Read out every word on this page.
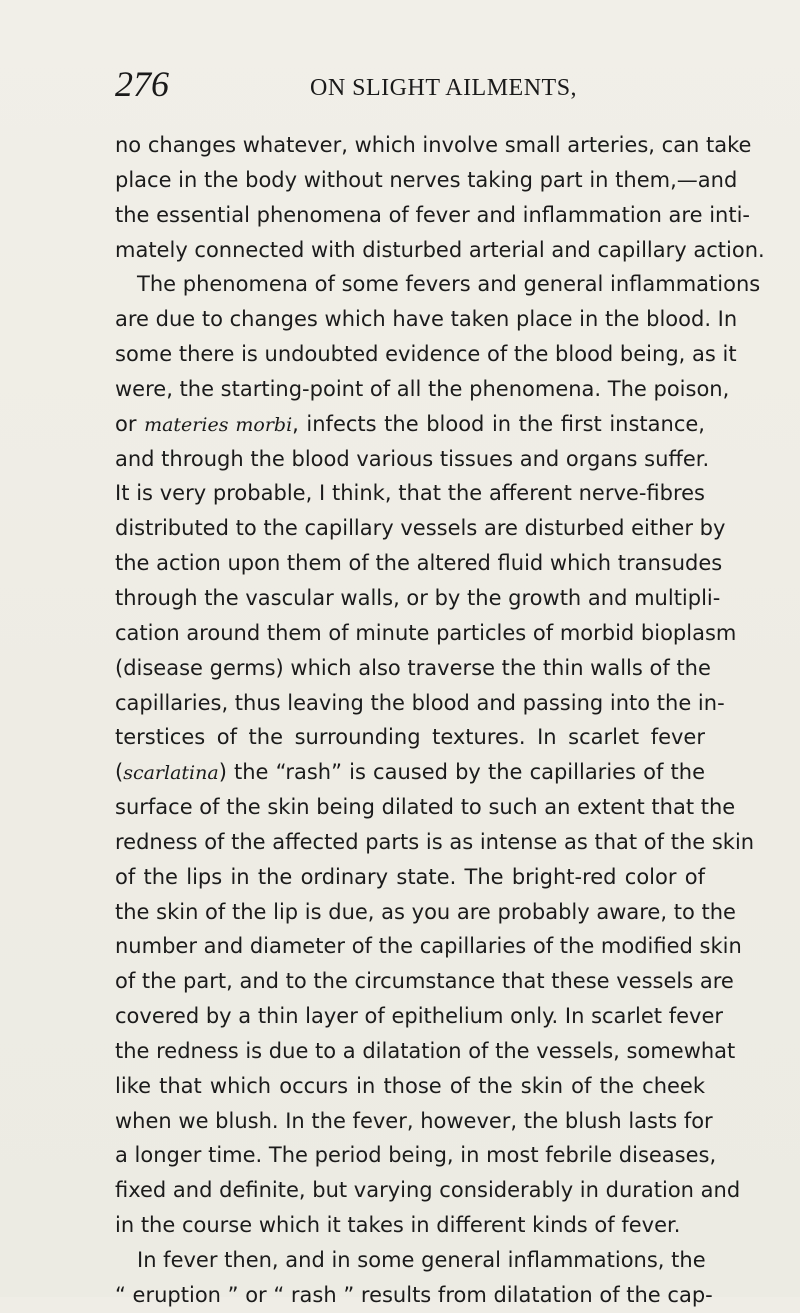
276	ON SLIGHT AILMENTS,
no changes whatever, which involve small arteries, can take
place in the body without nerves taking part in them,—and
the essential phenomena of fever and inflammation are inti-
mately connected with disturbed arterial and capillary action.
The phenomena of some fevers and general inflammations
are due to changes which have taken place in the blood. In
some there is undoubted evidence of the blood being, as it
were, the starting-point of all the phenomena. The poison,
or materies morbi, infects the blood in the first instance,
and through the blood various tissues and organs suffer.
It is very probable, I think, that the afferent nerve-fibres
distributed to the capillary vessels are disturbed either by
the action upon them of the altered fluid which transudes
through the vascular walls, or by the growth and multipli-
cation around them of minute particles of morbid bioplasm
(disease germs) which also traverse the thin walls of the
capillaries, thus leaving the blood and passing into the in-
terstices of the surrounding textures. In scarlet fever
(scarlatina) the “rash” is caused by the capillaries of the
surface of the skin being dilated to such an extent that the
redness of the affected parts is as intense as that of the skin
of the lips in the ordinary state. The bright-red color of
the skin of the lip is due, as you are probably aware, to the
number and diameter of the capillaries of the modified skin
of the part, and to the circumstance that these vessels are
covered by a thin layer of epithelium only. In scarlet fever
the redness is due to a dilatation of the vessels, somewhat
like that which occurs in those of the skin of the cheek
when we blush. In the fever, however, the blush lasts for
a longer time. The period being, in most febrile diseases,
fixed and definite, but varying considerably in duration and
in the course which it takes in different kinds of fever.
In fever then, and in some general inflammations, the
“ eruption ” or “ rash ” results from dilatation of the cap-
